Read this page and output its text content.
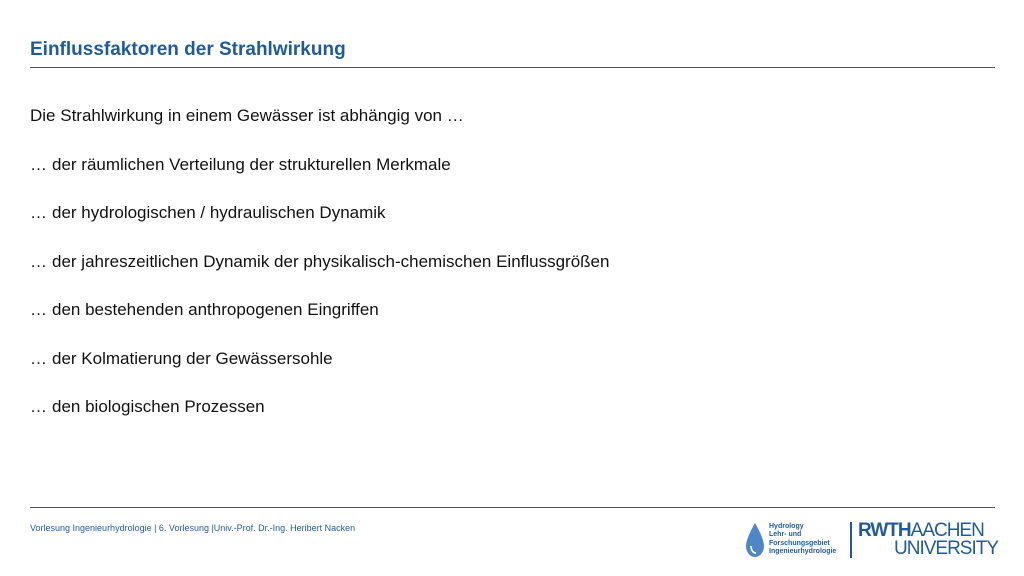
Einflussfaktoren der Strahlwirkung
Die Strahlwirkung in einem Gewässer ist abhängig von …
… der räumlichen Verteilung der strukturellen Merkmale
… der hydrologischen / hydraulischen Dynamik
… der jahreszeitlichen Dynamik der physikalisch-chemischen Einflussgrößen
… den bestehenden anthropogenen Eingriffen
… der Kolmatierung der Gewässersohle
… den biologischen Prozessen
Vorlesung Ingenieurhydrologie | 6. Vorlesung |Univ.-Prof. Dr.-Ing. Heribert Nacken	Hydrology
Lehr- und
Forschungsgebiet
Ingenieurhydrologie
RWTHAACHEN
UNIVERSITY
